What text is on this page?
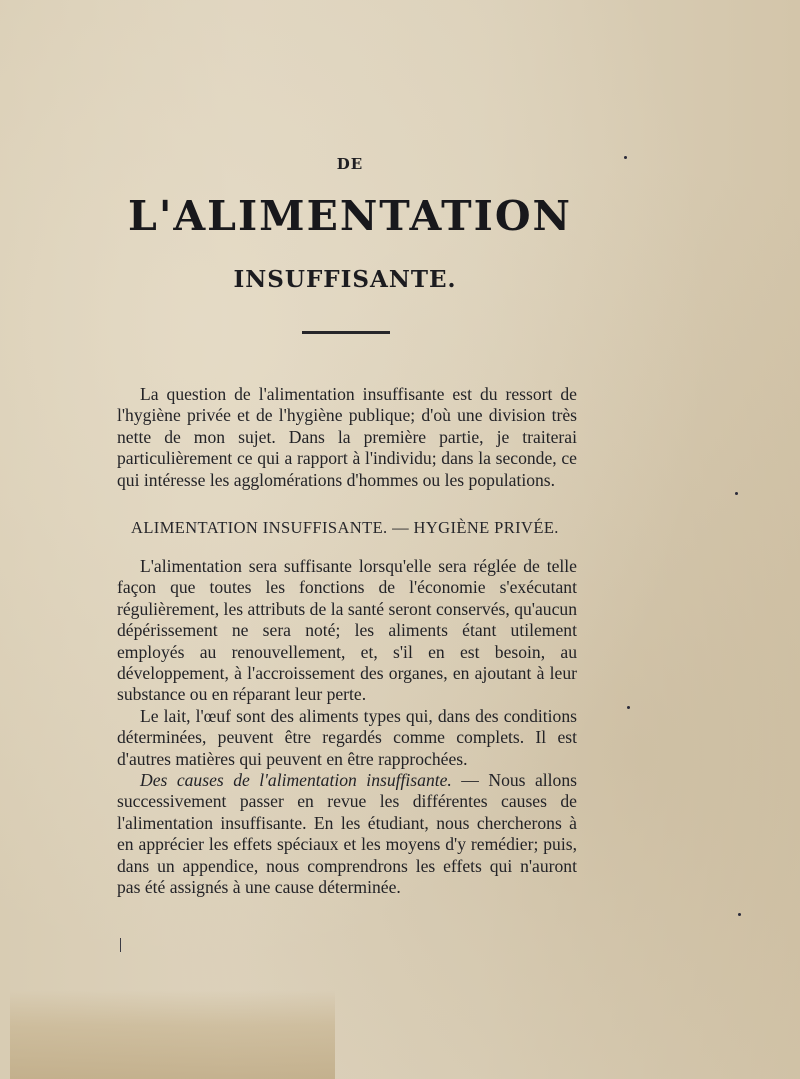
DE
L'ALIMENTATION
INSUFFISANTE.

La question de l'alimentation insuffisante est du ressort de l'hygiène privée et de l'hygiène publique; d'où une division très nette de mon sujet. Dans la première partie, je traiterai particulièrement ce qui a rapport à l'individu; dans la seconde, ce qui intéresse les agglomérations d'hommes ou les populations.

ALIMENTATION INSUFFISANTE. — HYGIÈNE PRIVÉE.

L'alimentation sera suffisante lorsqu'elle sera réglée de telle façon que toutes les fonctions de l'économie s'exécutant régulièrement, les attributs de la santé seront conservés, qu'aucun dépérissement ne sera noté; les aliments étant utilement employés au renouvellement, et, s'il en est besoin, au développement, à l'accroissement des organes, en ajoutant à leur substance ou en réparant leur perte.

Le lait, l'œuf sont des aliments types qui, dans des conditions déterminées, peuvent être regardés comme complets. Il est d'autres matières qui peuvent en être rapprochées.

Des causes de l'alimentation insuffisante. — Nous allons successivement passer en revue les différentes causes de l'alimentation insuffisante. En les étudiant, nous chercherons à en apprécier les effets spéciaux et les moyens d'y remédier; puis, dans un appendice, nous comprendrons les effets qui n'auront pas été assignés à une cause déterminée.
